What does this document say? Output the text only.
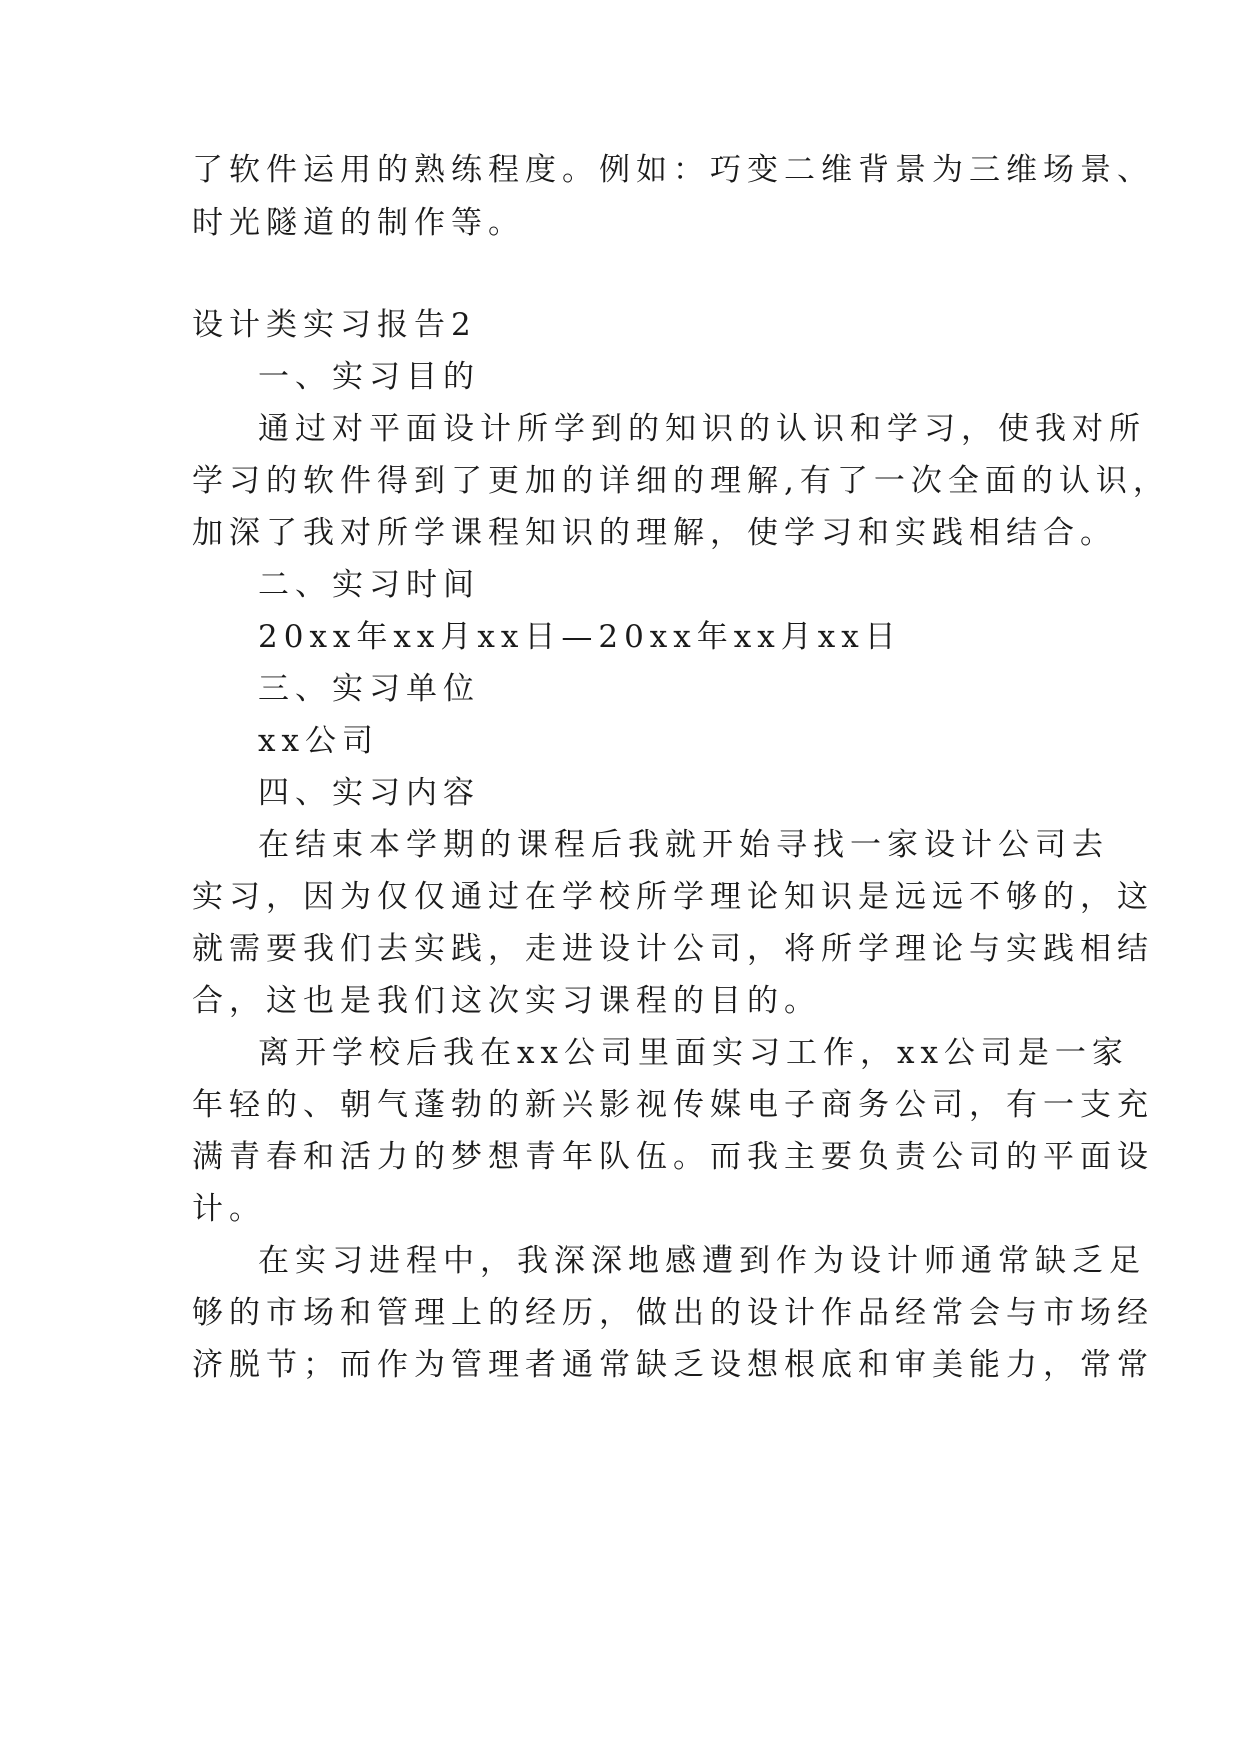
了软件运用的熟练程度。例如：巧变二维背景为三维场景、
时光隧道的制作等。
设计类实习报告2
一、实习目的
通过对平面设计所学到的知识的认识和学习，使我对所
学习的软件得到了更加的详细的理解,有了一次全面的认识，
加深了我对所学课程知识的理解，使学习和实践相结合。
二、实习时间
20xx年xx月xx日—20xx年xx月xx日
三、实习单位
xx公司
四、实习内容
在结束本学期的课程后我就开始寻找一家设计公司去
实习，因为仅仅通过在学校所学理论知识是远远不够的，这
就需要我们去实践，走进设计公司，将所学理论与实践相结
合，这也是我们这次实习课程的目的。
离开学校后我在xx公司里面实习工作，xx公司是一家
年轻的、朝气蓬勃的新兴影视传媒电子商务公司，有一支充
满青春和活力的梦想青年队伍。而我主要负责公司的平面设
计。
在实习进程中，我深深地感遭到作为设计师通常缺乏足
够的市场和管理上的经历，做出的设计作品经常会与市场经
济脱节；而作为管理者通常缺乏设想根底和审美能力，常常
